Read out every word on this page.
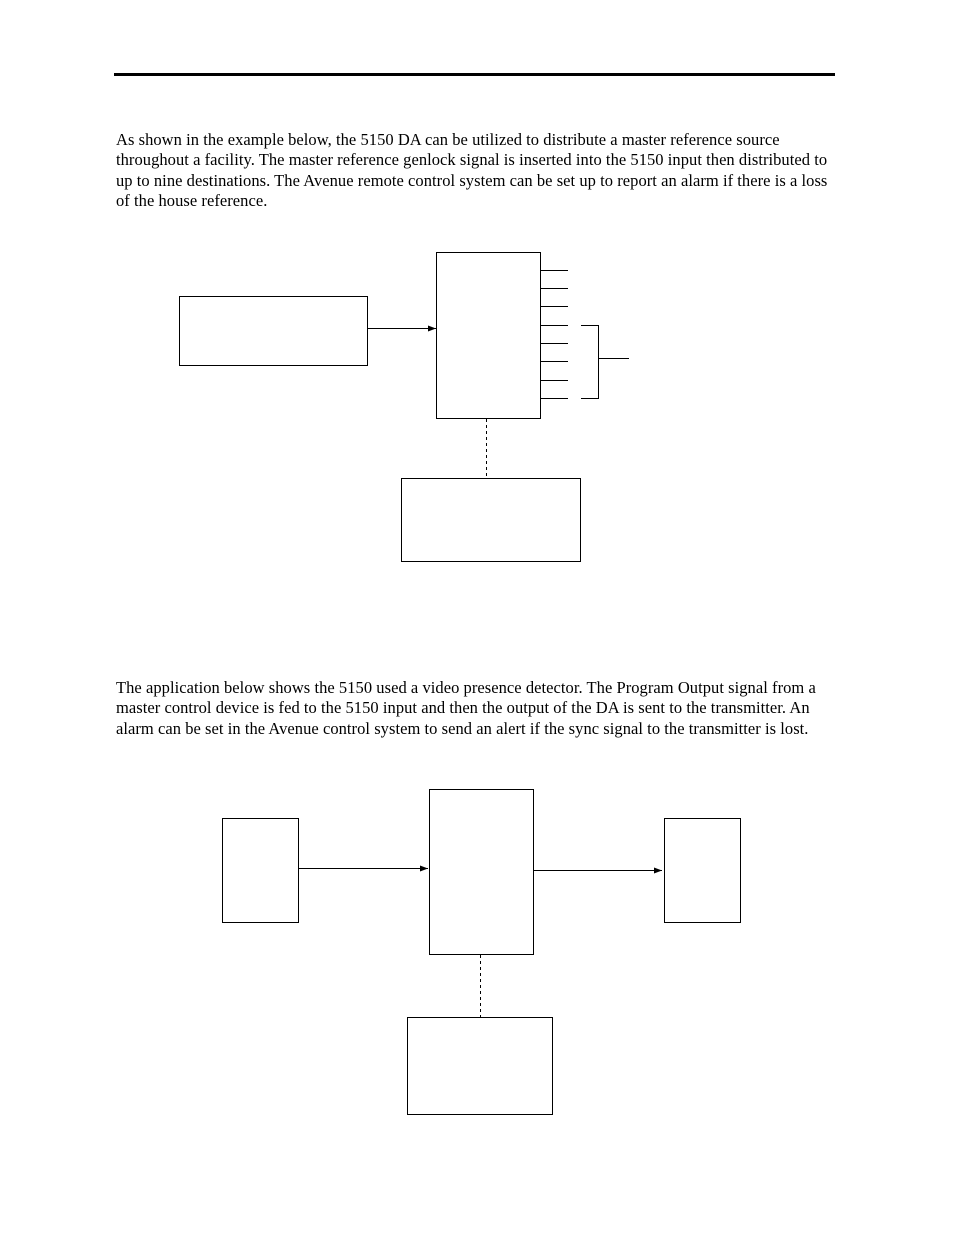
As shown in the example below, the 5150 DA can be utilized to distribute a master reference source throughout a facility. The master reference genlock signal is inserted into the 5150 input then distributed to up to nine destinations. The Avenue remote control system can be set up to report an alarm if there is a loss of the house reference.

The application below shows the 5150 used a video presence detector. The Program Output signal from a master control device is fed to the 5150 input and then the output of the DA is sent to the transmitter. An alarm can be set in the Avenue control system to send an alert if the sync signal to the transmitter is lost.
